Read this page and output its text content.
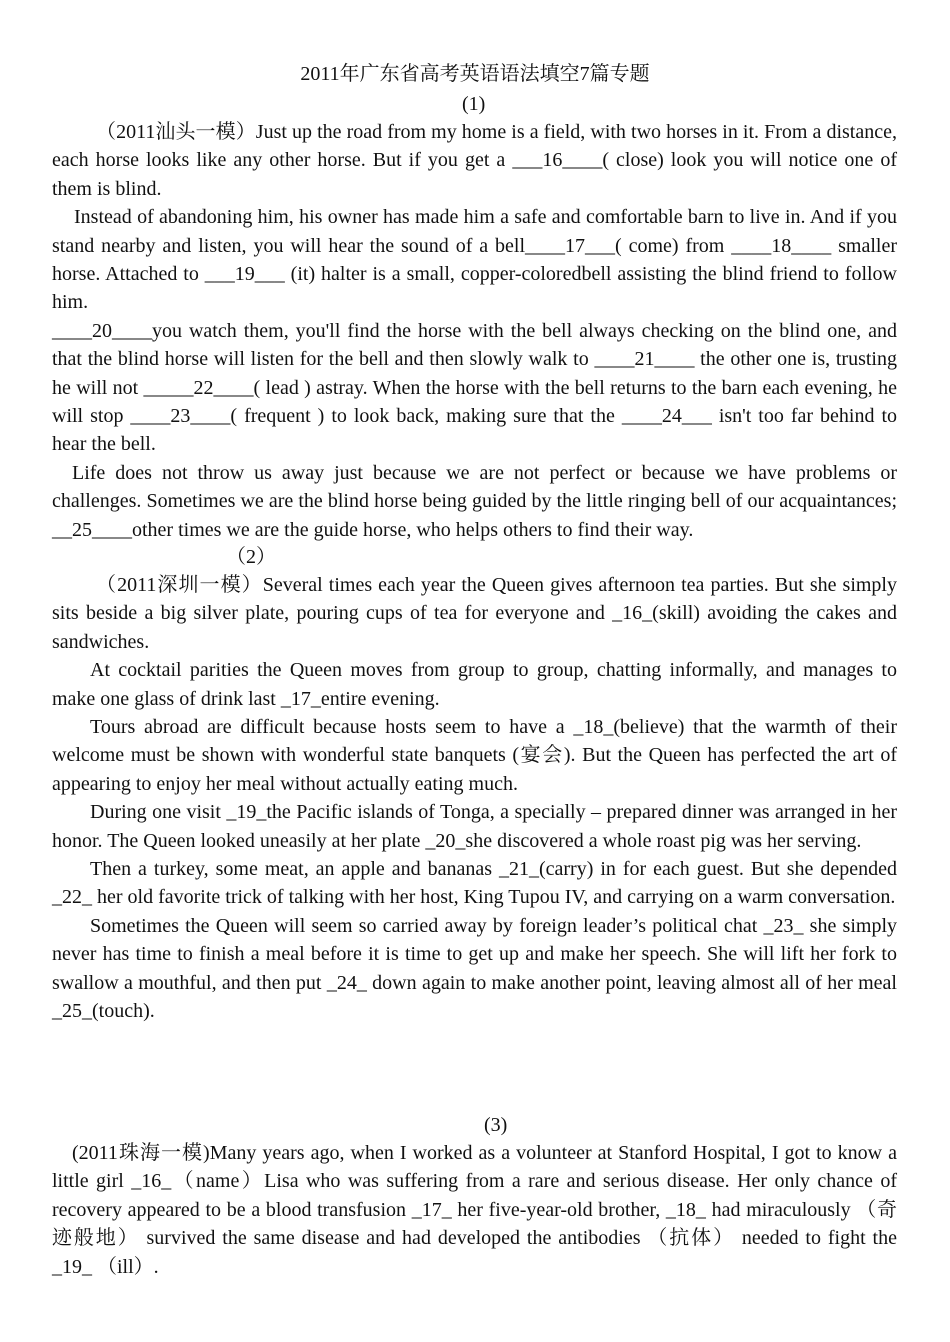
2011年广东省高考英语语法填空7篇专题
(1)

（2011汕头一模）Just up the road from my home is a field, with two horses in it. From a distance, each horse looks like any other horse. But if you get a ___16____( close) look you will notice one of them is blind.

Instead of abandoning him, his owner has made him a safe and comfortable barn to live in. And if you stand nearby and listen, you will hear the sound of a bell____17___( come) from ____18____ smaller horse. Attached to ___19___ (it) halter is a small, copper-coloredbell assisting the blind friend to follow him.

____20____you watch them, you'll find the horse with the bell always checking on the blind one, and that the blind horse will listen for the bell and then slowly walk to ____21____ the other one is, trusting he will not _____22____( lead ) astray. When the horse with the bell returns to the barn each evening, he will stop ____23____( frequent ) to look back, making sure that the ____24___ isn't too far behind to hear the bell.

Life does not throw us away just because we are not perfect or because we have problems or challenges. Sometimes we are the blind horse being guided by the little ringing bell of our acquaintances; __25____other times we are the guide horse, who helps others to find their way.

（2）

（2011深圳一模）Several times each year the Queen gives afternoon tea parties. But she simply sits beside a big silver plate, pouring cups of tea for everyone and _16_(skill) avoiding the cakes and sandwiches.

At cocktail parities the Queen moves from group to group, chatting informally, and manages to make one glass of drink last _17_entire evening.

Tours abroad are difficult because hosts seem to have a _18_(believe) that the warmth of their welcome must be shown with wonderful state banquets (宴会). But the Queen has perfected the art of appearing to enjoy her meal without actually eating much.

During one visit _19_the Pacific islands of Tonga, a specially – prepared dinner was arranged in her honor. The Queen looked uneasily at her plate _20_she discovered a whole roast pig was her serving.

Then a turkey, some meat, an apple and bananas _21_(carry) in for each guest. But she depended _22_ her old favorite trick of talking with her host, King Tupou IV, and carrying on a warm conversation.

Sometimes the Queen will seem so carried away by foreign leader’s political chat _23_ she simply never has time to finish a meal before it is time to get up and make her speech. She will lift her fork to swallow a mouthful, and then put _24_ down again to make another point, leaving almost all of her meal _25_(touch).

(3)

(2011珠海一模)Many years ago, when I worked as a volunteer at Stanford Hospital, I got to know a little girl _16_（name）Lisa who was suffering from a rare and serious disease. Her only chance of recovery appeared to be a blood transfusion _17_ her five-year-old brother, _18_ had miraculously （奇迹般地） survived the same disease and had developed the antibodies （抗体） needed to fight the _19_ （ill）.
